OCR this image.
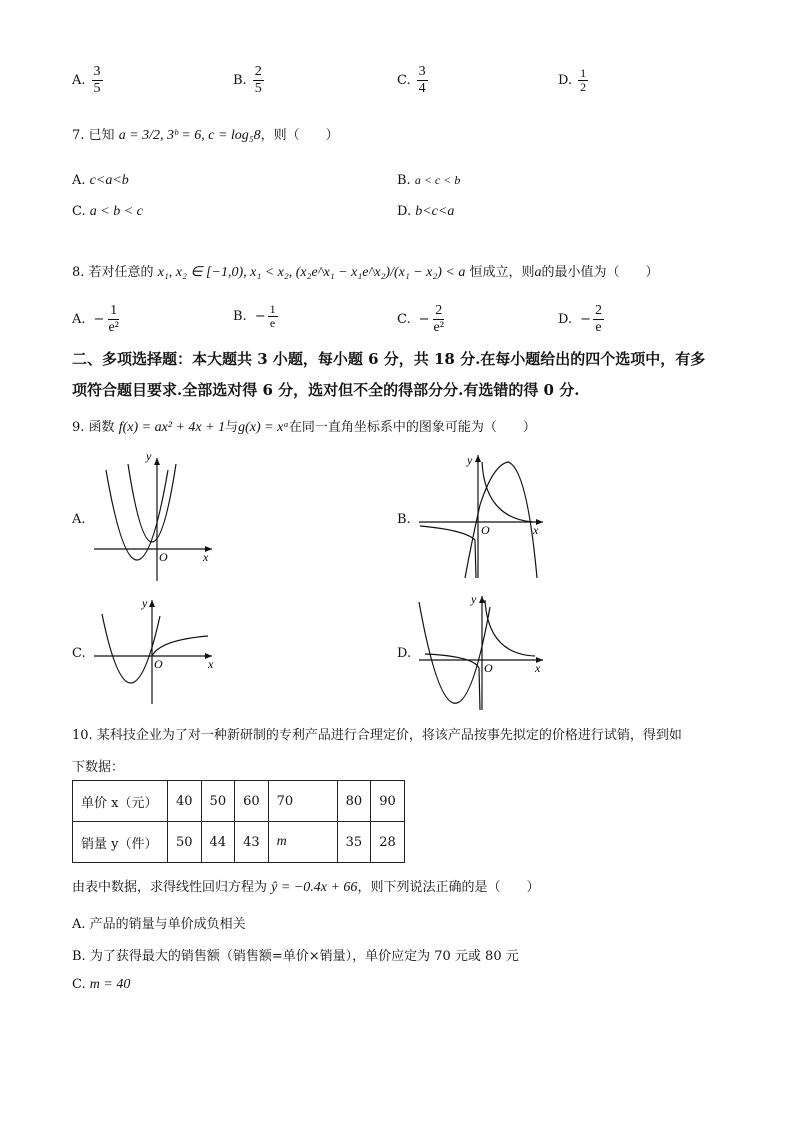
A. $\frac{3}{5}$	B. $\frac{2}{5}$	C. $\frac{3}{4}$	D. $\frac{1}{2}$
7. 已知 a = 3/2, 3ᵇ = 6, c = log₅8，则（　　）
A. c<a<b	B. a < c < b
C. a < b < c	D. b<c<a
8. 若对任意的 x₁, x₂ ∈ [−1,0), x₁ < x₂, (x₂e^x₁ − x₁e^x₂)/(x₁ − x₂) < a 恒成立，则a的最小值为（　　）
A. − $\frac{1}{\text{e²}}$	B. − $\frac{1}{e}$	C. − $\frac{2}{\text{e²}}$	D. − $\frac{2}{e}$
二、多项选择题：本大题共 3 小题，每小题 6 分，共 18 分.在每小题给出的四个选项中，有多
项符合题目要求.全部选对得 6 分，选对但不全的得部分分.有选错的得 0 分.
9. 函数 f(x) = ax² + 4x + 1与g(x) = xᵃ在同一直角坐标系中的图象可能为（　　）
A.	B.
C.	D.
y
x
O
y
x
O
y
x
O
y
x
O
10. 某科技企业为了对一种新研制的专利产品进行合理定价，将该产品按事先拟定的价格进行试销，得到如
下数据：
单价 x（元）	40	50	60	70	80	90
销量 y（件）	50	44	43	m	35	28
由表中数据，求得线性回归方程为 ŷ = −0.4x + 66，则下列说法正确的是（　　）
A. 产品的销量与单价成负相关
B. 为了获得最大的销售额（销售额=单价×销量），单价应定为 70 元或 80 元
C. m = 40
